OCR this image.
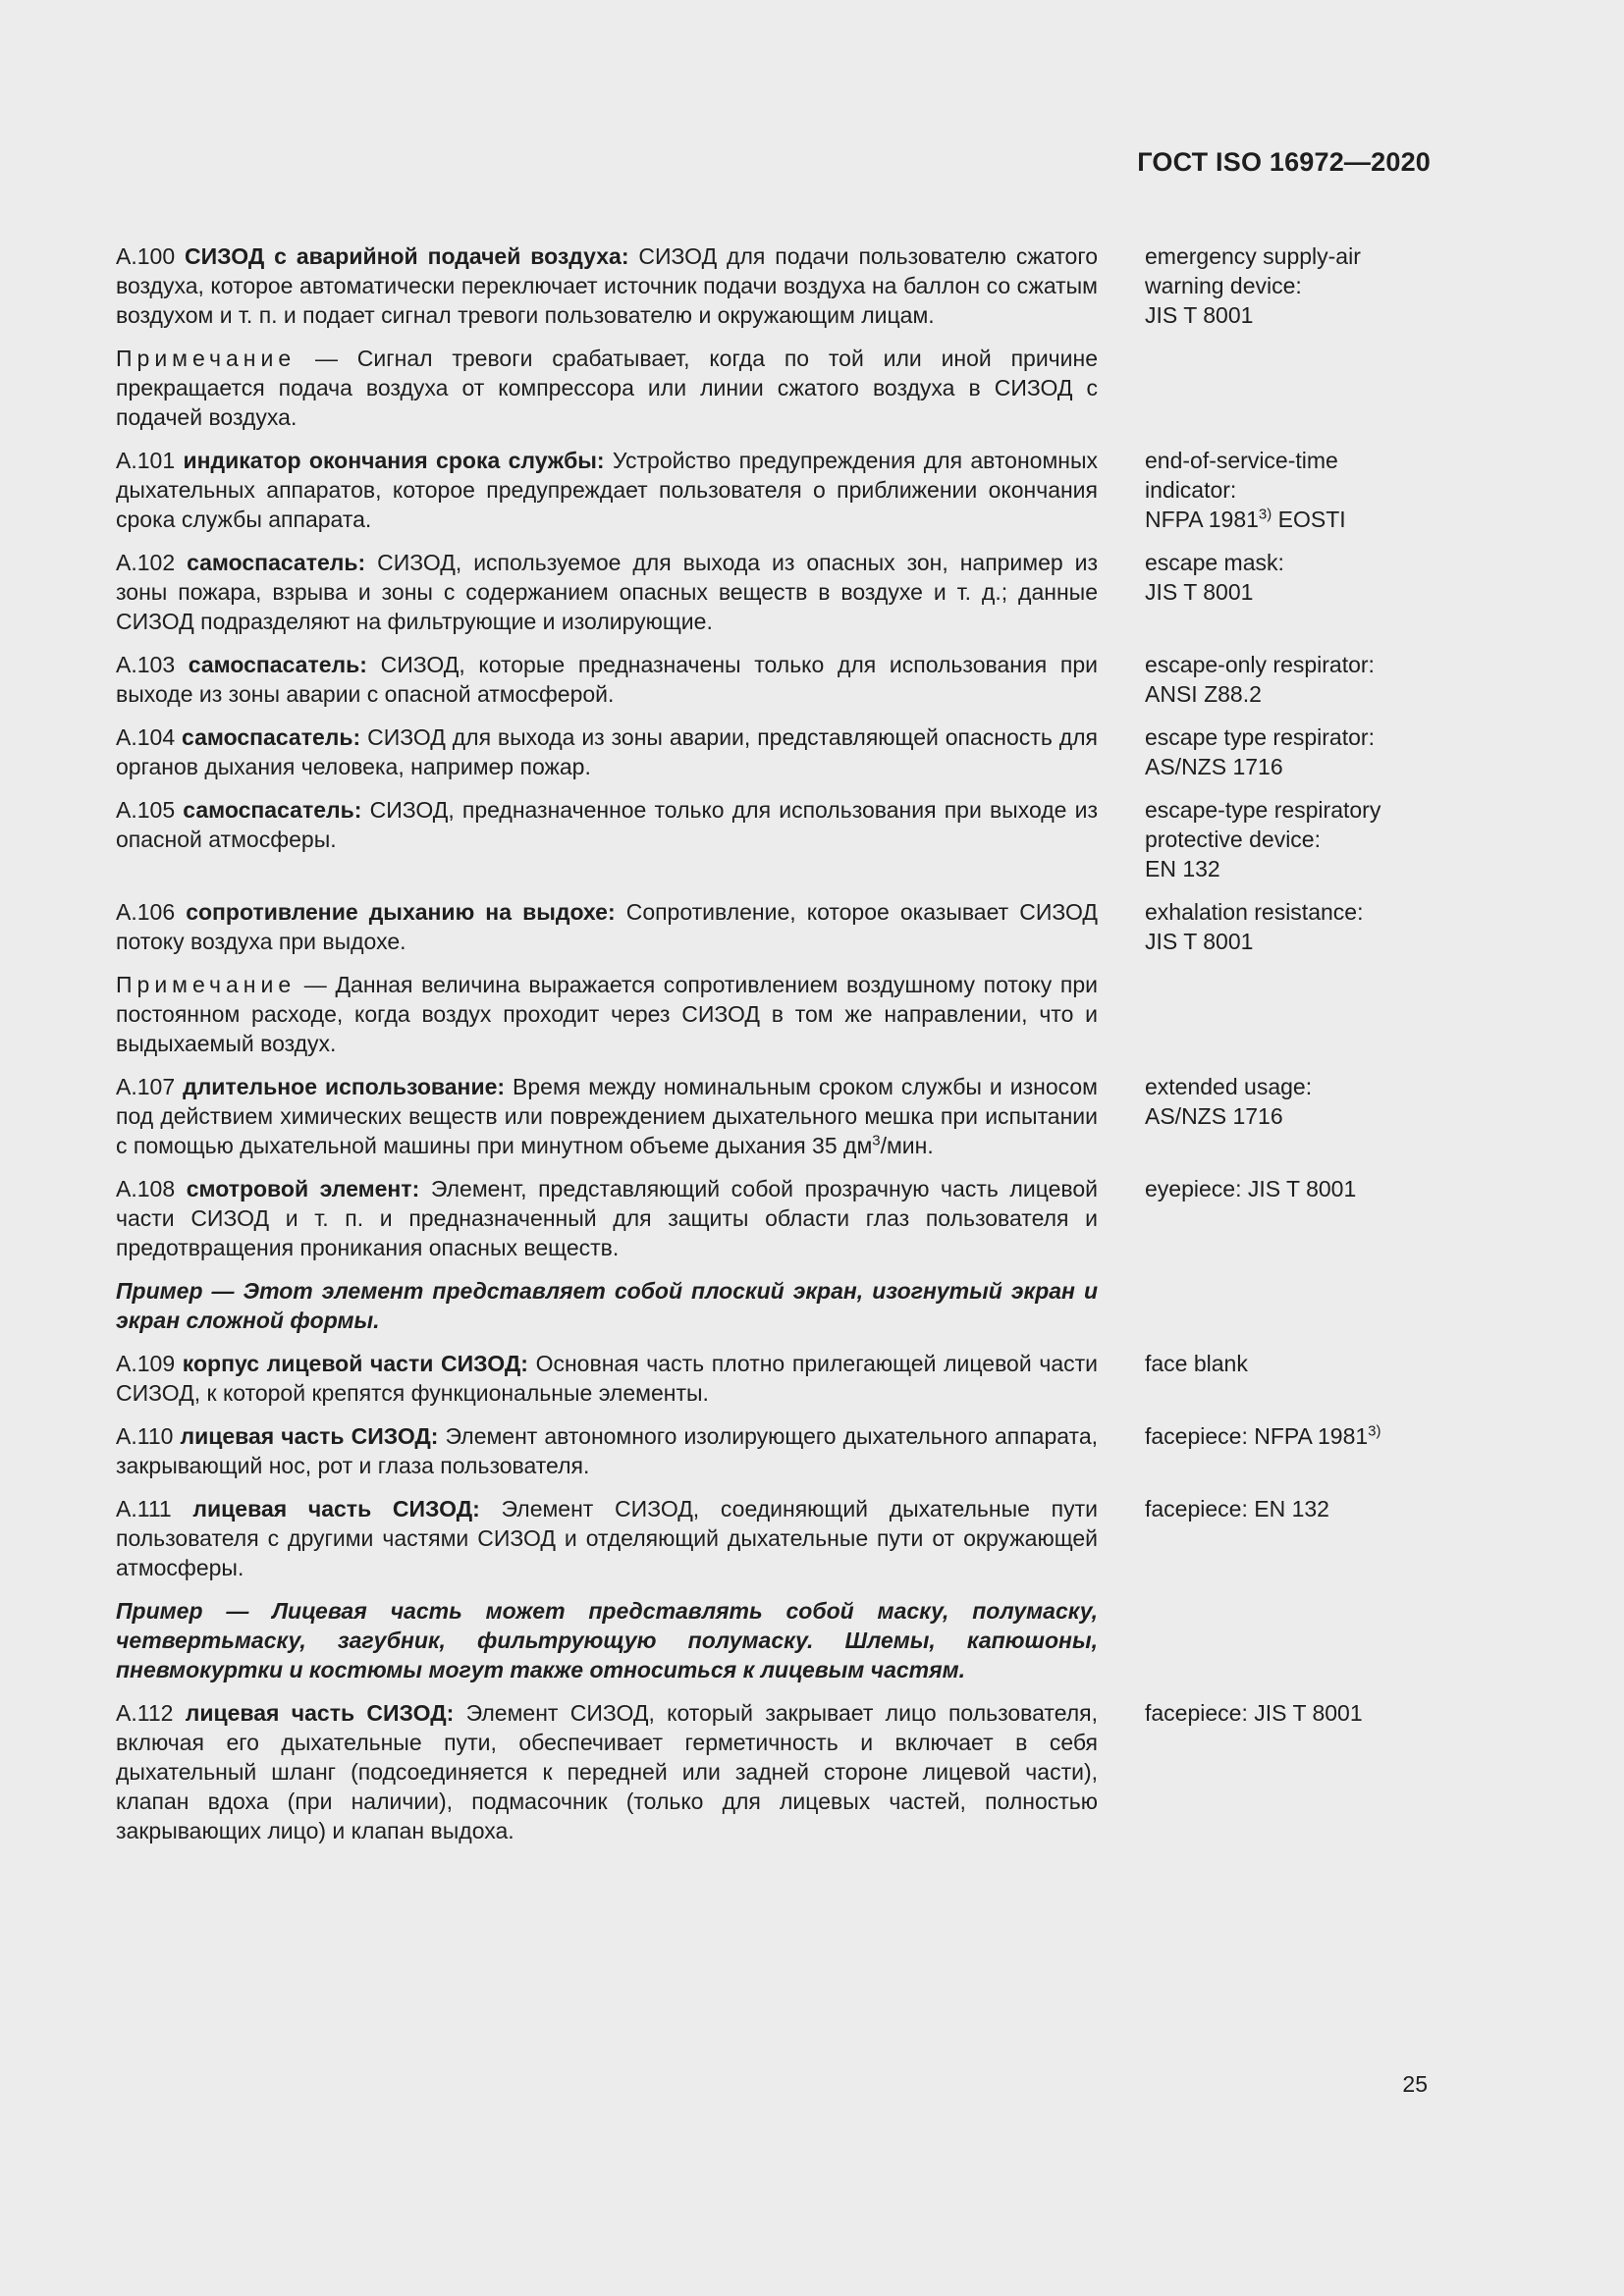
ГОСТ ISO 16972—2020

А.100 СИЗОД с аварийной подачей воздуха: СИЗОД для подачи пользователю сжатого воздуха, которое автоматически переключает источник подачи воздуха на баллон со сжатым воздухом и т. п. и подает сигнал тревоги пользователю и окружающим лицам.

Примечание — Сигнал тревоги срабатывает, когда по той или иной причине прекращается подача воздуха от компрессора или линии сжатого воздуха в СИЗОД с подачей воздуха.

emergency supply-air
warning device:
JIS T 8001

А.101 индикатор окончания срока службы: Устройство предупреждения для автономных дыхательных аппаратов, которое предупреждает пользователя о приближении окончания срока службы аппарата.

end-of-service-time
indicator:
NFPA 1981$^{3)}$ EOSTI

А.102 самоспасатель: СИЗОД, используемое для выхода из опасных зон, например из зоны пожара, взрыва и зоны с содержанием опасных веществ в воздухе и т. д.; данные СИЗОД подразделяют на фильтрующие и изолирующие.

escape mask:
JIS T 8001

А.103 самоспасатель: СИЗОД, которые предназначены только для использования при выходе из зоны аварии с опасной атмосферой.

escape-only respirator:
ANSI Z88.2

А.104 самоспасатель: СИЗОД для выхода из зоны аварии, представляющей опасность для органов дыхания человека, например пожар.

escape type respirator:
AS/NZS 1716

А.105 самоспасатель: СИЗОД, предназначенное только для использования при выходе из опасной атмосферы.

escape-type respiratory
protective device:
EN 132

А.106 сопротивление дыханию на выдохе: Сопротивление, которое оказывает СИЗОД потоку воздуха при выдохе.

Примечание — Данная величина выражается сопротивлением воздушному потоку при постоянном расходе, когда воздух проходит через СИЗОД в том же направлении, что и выдыхаемый воздух.

exhalation resistance:
JIS T 8001

А.107 длительное использование: Время между номинальным сроком службы и износом под действием химических веществ или повреждением дыхательного мешка при испытании с помощью дыхательной машины при минутном объеме дыхания 35 $дм^3$/мин.

extended usage:
AS/NZS 1716

А.108 смотровой элемент: Элемент, представляющий собой прозрачную часть лицевой части СИЗОД и т. п. и предназначенный для защиты области глаз пользователя и предотвращения проникания опасных веществ.

Пример — Этот элемент представляет собой плоский экран, изогнутый экран и экран сложной формы.

eyepiece: JIS T 8001

А.109 корпус лицевой части СИЗОД: Основная часть плотно прилегающей лицевой части СИЗОД, к которой крепятся функциональные элементы.

face blank

А.110 лицевая часть СИЗОД: Элемент автономного изолирующего дыхательного аппарата, закрывающий нос, рот и глаза пользователя.

facepiece: NFPA 1981$^{3)}$

А.111 лицевая часть СИЗОД: Элемент СИЗОД, соединяющий дыхательные пути пользователя с другими частями СИЗОД и отделяющий дыхательные пути от окружающей атмосферы.

Пример — Лицевая часть может представлять собой маску, полумаску, четвертьмаску, загубник, фильтрующую полумаску. Шлемы, капюшоны, пневмокуртки и костюмы могут также относиться к лицевым частям.

facepiece: EN 132

А.112 лицевая часть СИЗОД: Элемент СИЗОД, который закрывает лицо пользователя, включая его дыхательные пути, обеспечивает герметичность и включает в себя дыхательный шланг (подсоединяется к передней или задней стороне лицевой части), клапан вдоха (при наличии), подмасочник (только для лицевых частей, полностью закрывающих лицо) и клапан выдоха.

facepiece: JIS T 8001
25
